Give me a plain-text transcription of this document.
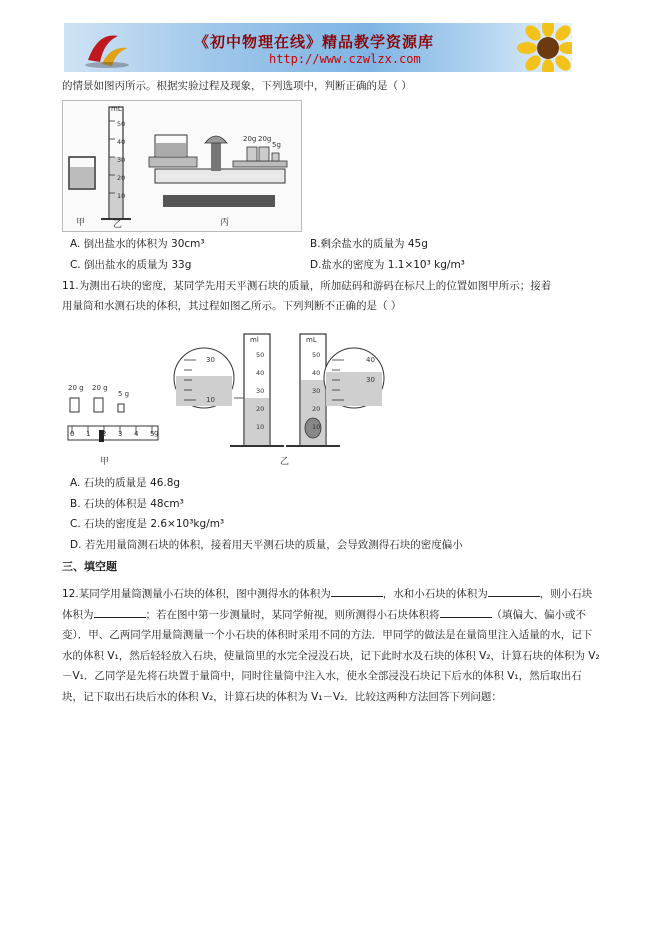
《初中物理在线》精品教学资源库
http://www.czwlzx.com
的情景如图丙所示。根据实验过程及现象，下列选项中，判断正确的是（ ）
甲	乙	丙
mL
50
40
30
20
10
20g 20g
5g
A. 倒出盐水的体积为 30cm³	B.剩余盐水的质量为 45g
C. 倒出盐水的质量为 33g	D.盐水的密度为 1.1×10³ kg/m³
11.为测出石块的密度，某同学先用天平测石块的质量，所加砝码和游码在标尺上的位置如图甲所示；接着
用量筒和水测石块的体积，其过程如图乙所示。下列判断不正确的是（ ）
20 g 20 g
5 g
0 1 2 3 4 5 g
甲
30
10
ml	mL
50
40
30
20
10
50
40
30
20
10
40
30
乙
A. 石块的质量是 46.8g
B. 石块的体积是 48cm³
C. 石块的密度是 2.6×10³kg/m³
D. 若先用量筒测石块的体积，接着用天平测石块的质量，会导致测得石块的密度偏小
三、填空题
12.某同学用量筒测量小石块的体积，图中测得水的体积为	，水和小石块的体积为	，则小石块体积为	；若在图中第一步测量时，某同学俯视，则所测得小石块体积将	（填偏大、偏小或不变）．甲、乙两同学用量筒测量一个小石块的体积时采用不同的方法．甲同学的做法是在量筒里注入适量的水，记下水的体积 V₁，然后轻轻放入石块，使量筒里的水完全浸没石块，记下此时水及石块的体积 V₂，计算石块的体积为 V₂－V₁．乙同学是先将石块置于量筒中，同时往量筒中注入水，使水全部浸没石块记下后水的体积 V₁，然后取出石块，记下取出石块后水的体积 V₂，计算石块的体积为 V₁－V₂．比较这两种方法回答下列问题：
